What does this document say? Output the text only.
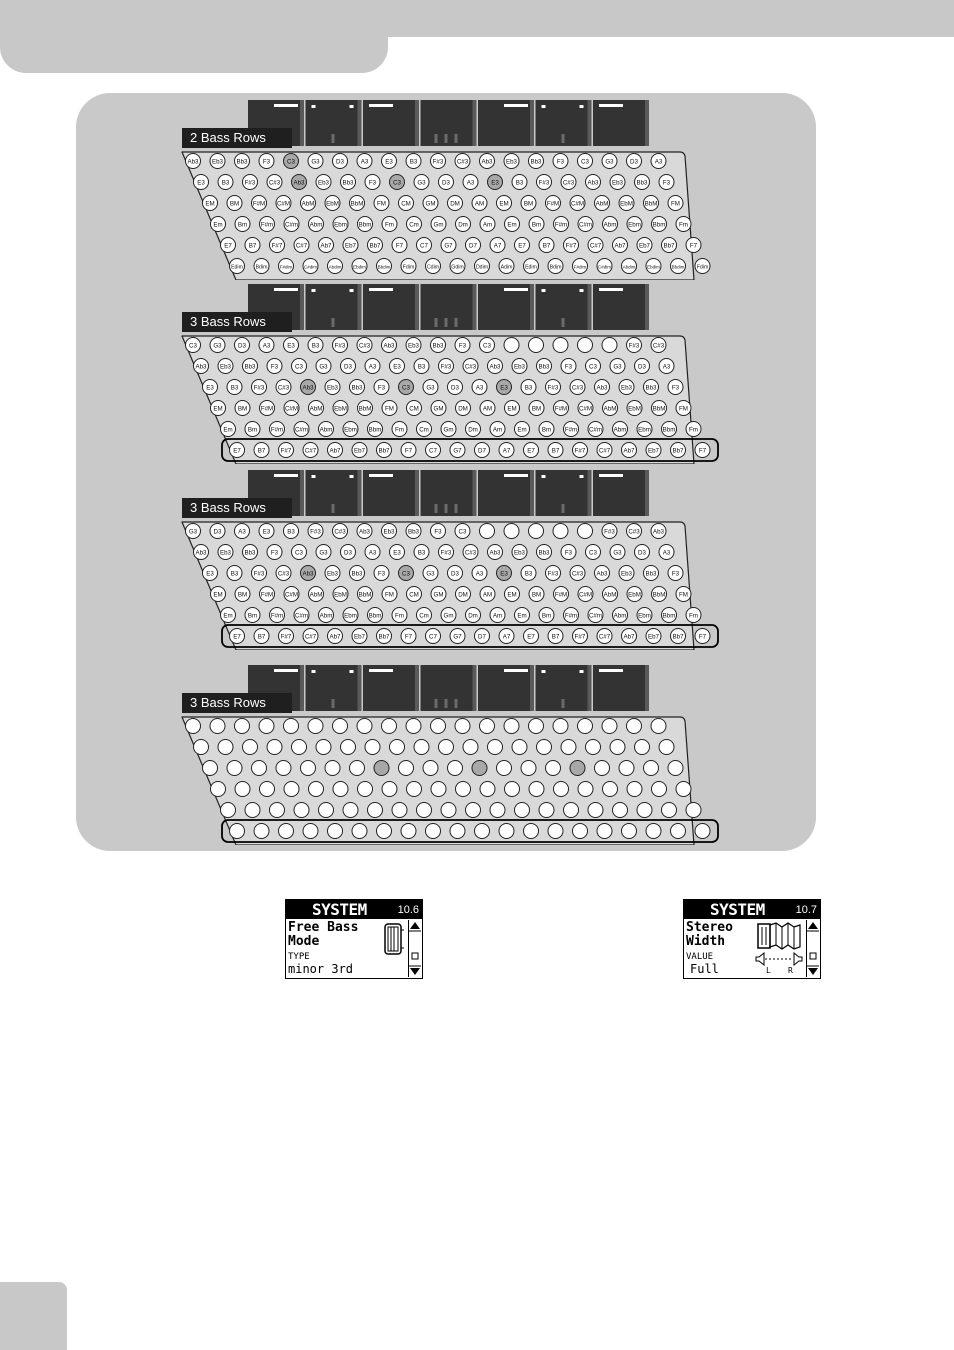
2 Bass Rows
Ab3 Eb3 Bb3 F3	C3	G3	D3	A3	E3	B3 F#3 C#3 Ab3 Eb3 Bb3 F3	C3	G3	D3	A3
E3	B3 F#3 C#3 Ab3 Eb3 Bb3 F3	C3	G3	D3	A3	E3	B3 F#3 C#3 Ab3 Eb3 Bb3 F3
EM BM F#M C#M AbM EbM BbM FM CM GM DM AM EM BM F#M C#M AbM EbM BbM FM
Em Bm F#m C#m Abm Ebm Bbm Fm Cm Gm Dm Am Em Bm F#m C#m Abm Ebm Bbm Fm
E7	B7 F#7 C#7 Ab7 Eb7 Bb7 F7	C7	G7	D7	A7	E7	B7 F#7 C#7 Ab7 Eb7 Bb7 F7
Edim Bdim	F#dim	C#dim	Abdim	Ebdim	Bbdim Fdim Cdim Gdim Ddim Adim Edim Bdim	F#dim	C#dim	Abdim	Ebdim	Bbdim Fdim
3 Bass Rows
C3	G3	D3	A3	E3	B3 F#3 C#3 Ab3 Eb3 Bb3 F3	C3	F#3 C#3
Ab3 Eb3 Bb3 F3	C3	G3	D3	A3	E3	B3 F#3 C#3 Ab3 Eb3 Bb3 F3	C3	G3	D3	A3
E3	B3 F#3 C#3 Ab3 Eb3 Bb3 F3	C3	G3	D3	A3	E3	B3 F#3 C#3 Ab3 Eb3 Bb3 F3
EM BM F#M C#M AbM EbM BbM FM CM GM DM AM EM BM F#M C#M AbM EbM BbM FM
Em Bm F#m C#m Abm Ebm Bbm Fm Cm Gm Dm Am Em Bm F#m C#m Abm Ebm Bbm Fm
E7	B7 F#7 C#7 Ab7 Eb7 Bb7 F7	C7	G7	D7	A7	E7	B7 F#7 C#7 Ab7 Eb7 Bb7 F7
3 Bass Rows
G3	D3	A3	E3	B3 F#3 C#3 Ab3 Eb3 Bb3 F3	C3	F#3 C#3 Ab3
Ab3 Eb3 Bb3 F3	C3	G3	D3	A3	E3	B3 F#3 C#3 Ab3 Eb3 Bb3 F3	C3	G3	D3	A3
E3	B3 F#3 C#3 Ab3 Eb3 Bb3 F3	C3	G3	D3	A3	E3	B3 F#3 C#3 Ab3 Eb3 Bb3 F3
EM BM F#M C#M AbM EbM BbM FM CM GM DM AM EM BM F#M C#M AbM EbM BbM FM
Em Bm F#m C#m Abm Ebm Bbm Fm Cm Gm Dm Am Em Bm F#m C#m Abm Ebm Bbm Fm
E7	B7 F#7 C#7 Ab7 Eb7 Bb7 F7	C7	G7	D7	A7	E7	B7 F#7 C#7 Ab7 Eb7 Bb7 F7
3 Bass Rows
SYSTEM	10.6
Free Bass
Mode
TYPE
minor 3rd
SYSTEM	10.7
Stereo
Width
VALUE
Full	L R
